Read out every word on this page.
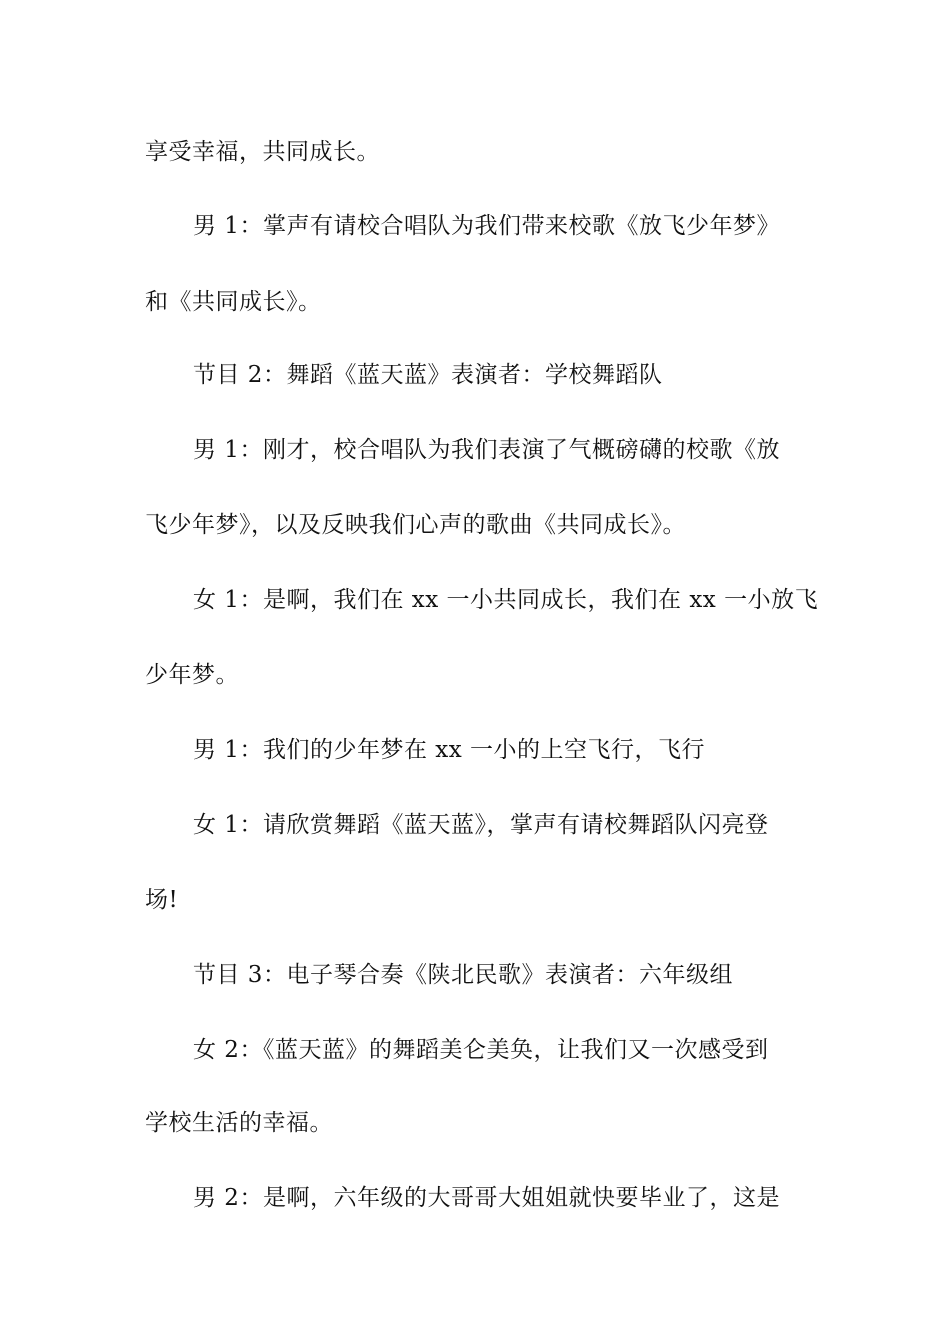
享受幸福，共同成长。
男 1：掌声有请校合唱队为我们带来校歌《放飞少年梦》
和《共同成长》。
节目 2：舞蹈《蓝天蓝》表演者：学校舞蹈队
男 1：刚才，校合唱队为我们表演了气概磅礴的校歌《放
飞少年梦》，以及反映我们心声的歌曲《共同成长》。
女 1：是啊，我们在 xx 一小共同成长，我们在 xx 一小放飞
少年梦。
男 1：我们的少年梦在 xx 一小的上空飞行，飞行
女 1：请欣赏舞蹈《蓝天蓝》，掌声有请校舞蹈队闪亮登
场!
节目 3：电子琴合奏《陕北民歌》表演者：六年级组
女 2：《蓝天蓝》的舞蹈美仑美奂，让我们又一次感受到
学校生活的幸福。
男 2：是啊，六年级的大哥哥大姐姐就快要毕业了，这是
